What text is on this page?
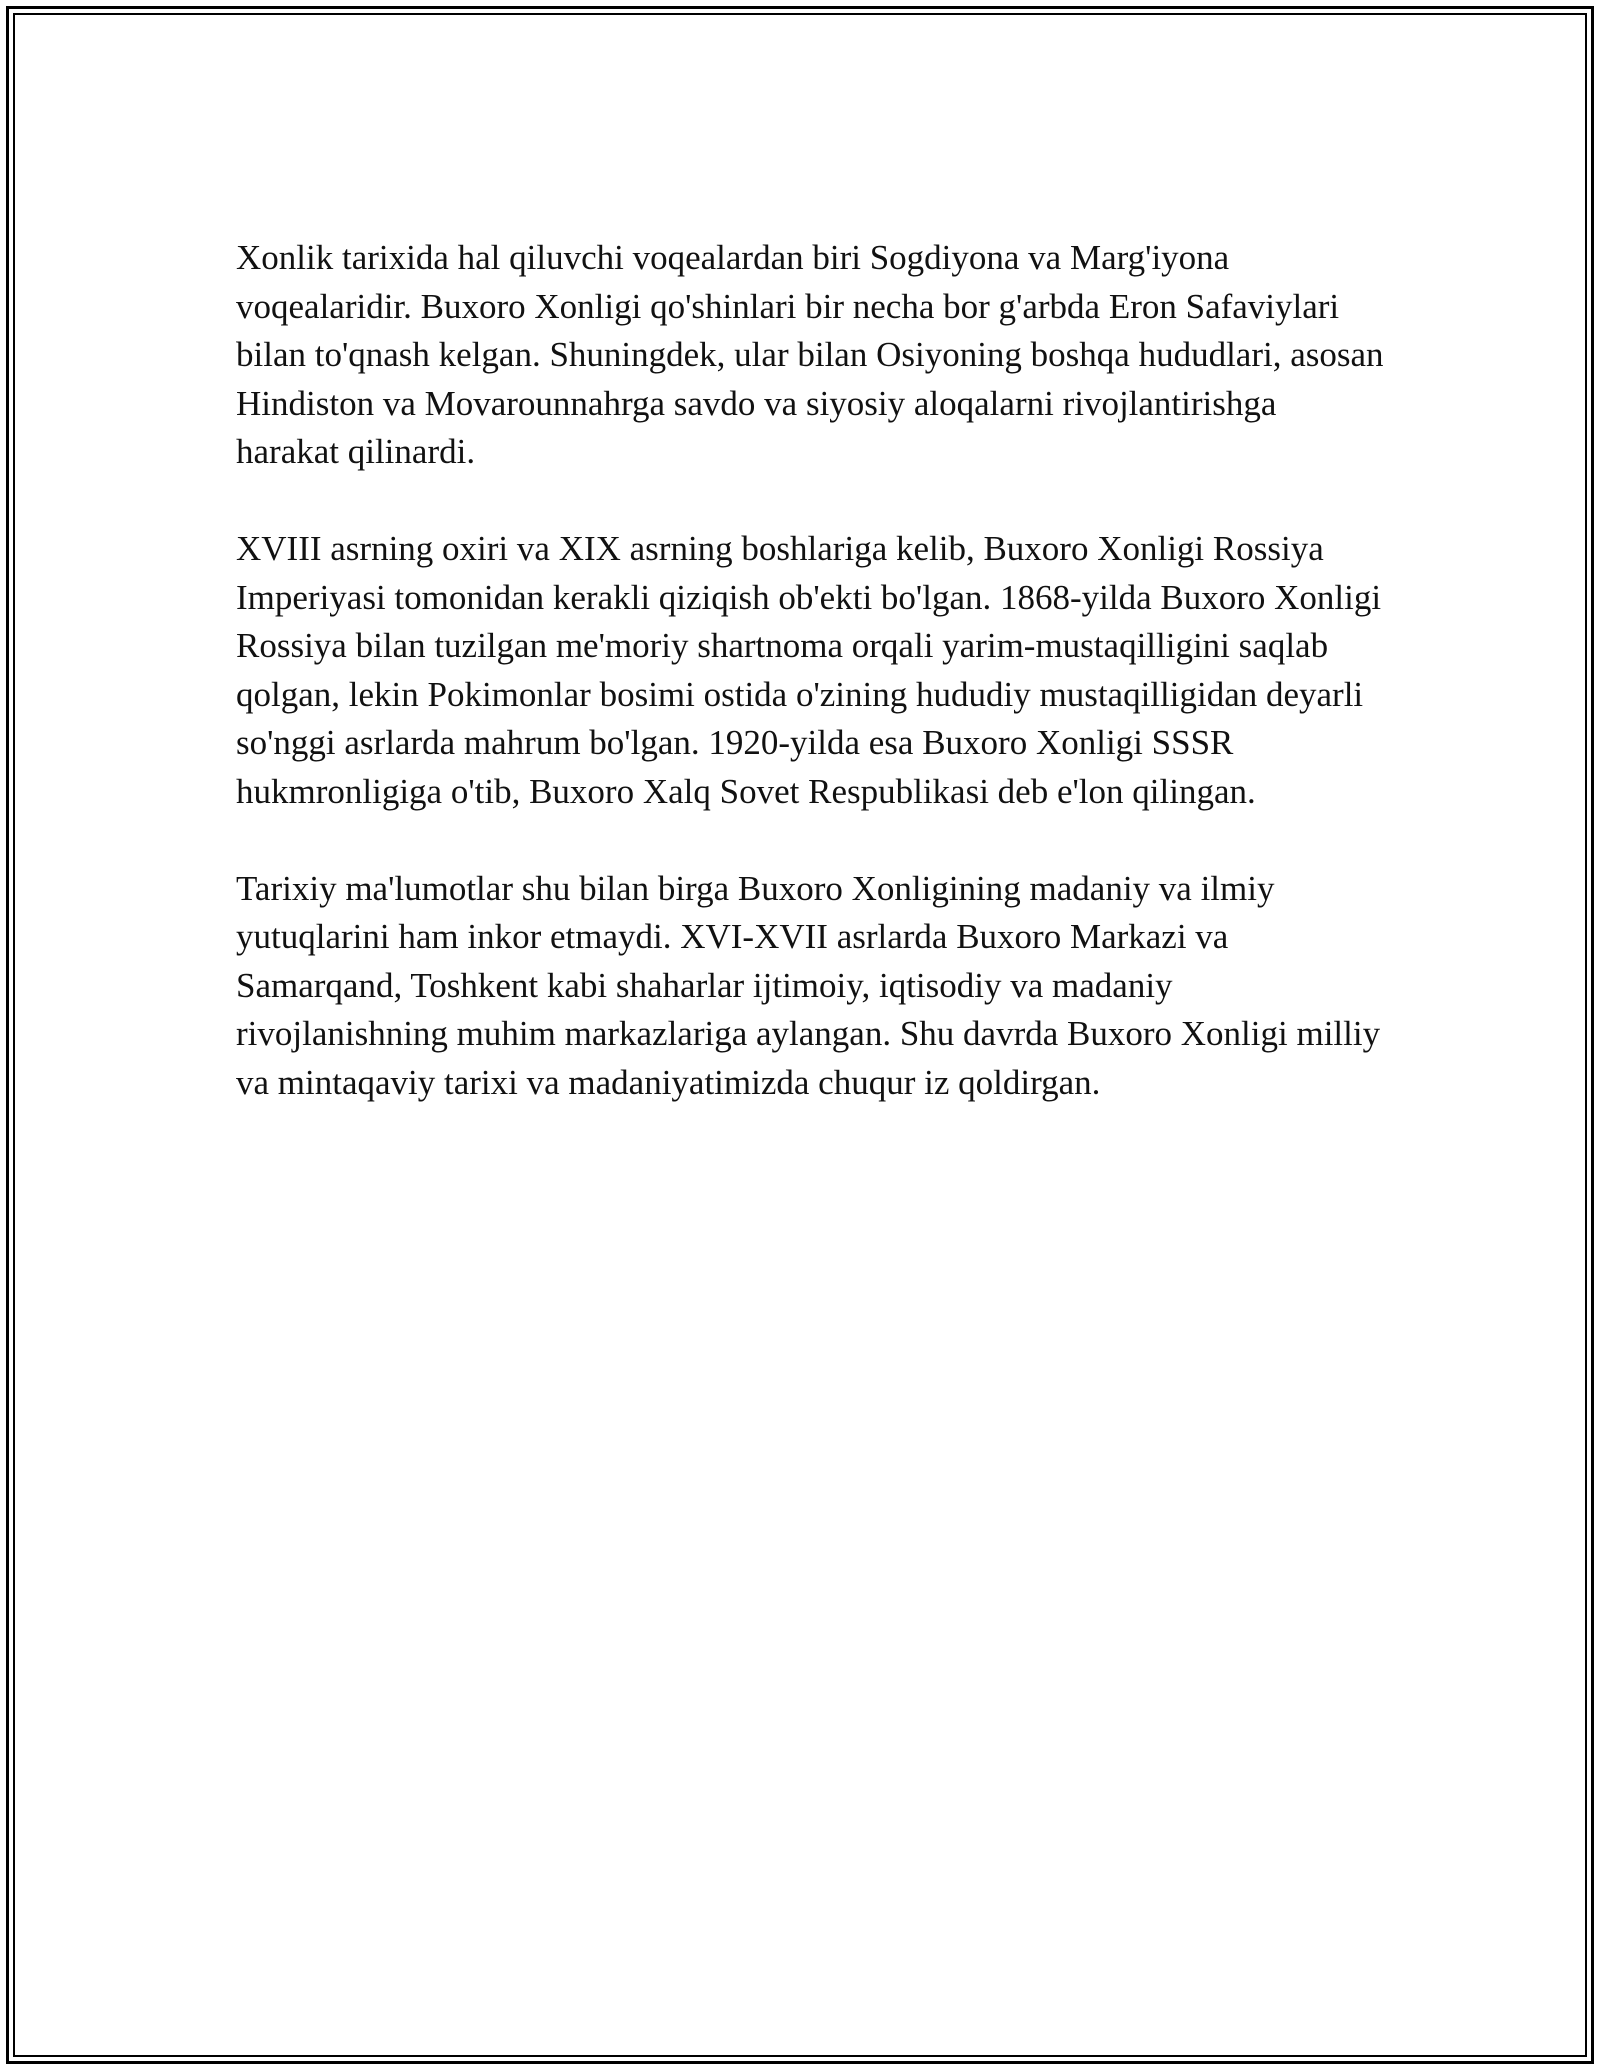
Xonlik tarixida hal qiluvchi voqealardan biri Sogdiyona va Marg'iyona voqealaridir. Buxoro Xonligi qo'shinlari bir necha bor g'arbda Eron Safaviylari bilan to'qnash kelgan. Shuningdek, ular bilan Osiyoning boshqa hududlari, asosan Hindiston va Movarounnahrga savdo va siyosiy aloqalarni rivojlantirishga harakat qilinardi.

XVIII asrning oxiri va XIX asrning boshlariga kelib, Buxoro Xonligi Rossiya Imperiyasi tomonidan kerakli qiziqish ob'ekti bo'lgan. 1868-yilda Buxoro Xonligi Rossiya bilan tuzilgan me'moriy shartnoma orqali yarim-mustaqilligini saqlab qolgan, lekin Pokimonlar bosimi ostida o'zining hududiy mustaqilligidan deyarli so'nggi asrlarda mahrum bo'lgan. 1920-yilda esa Buxoro Xonligi SSSR hukmronligiga o'tib, Buxoro Xalq Sovet Respublikasi deb e'lon qilingan.

Tarixiy ma'lumotlar shu bilan birga Buxoro Xonligining madaniy va ilmiy yutuqlarini ham inkor etmaydi. XVI-XVII asrlarda Buxoro Markazi va Samarqand, Toshkent kabi shaharlar ijtimoiy, iqtisodiy va madaniy rivojlanishning muhim markazlariga aylangan. Shu davrda Buxoro Xonligi milliy va mintaqaviy tarixi va madaniyatimizda chuqur iz qoldirgan.
